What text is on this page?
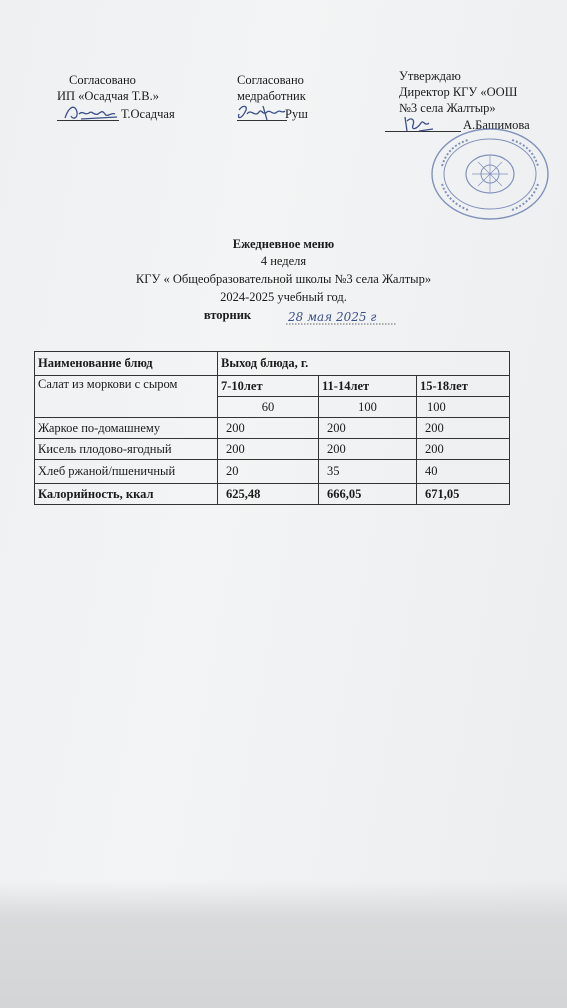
Согласовано
ИП «Осадчая Т.В.»
Т.Осадчая
Согласовано
медработник
Руш
Утверждаю
Директор КГУ «ООШ
№3 села Жалтыр»
А.Башимова
Ежедневное меню
4 неделя
КГУ « Общеобразовательной школы №3 села Жалтыр»
2024-2025 учебный год.
вторник	28 мая 2025 г
Наименование блюд	Выход блюда, г.		
Салат из моркови с сыром	7-10лет	11-14лет	15-18лет
	60	100	100
Жаркое по-домашнему	200	200	200
Кисель плодово-ягодный	200	200	200
Хлеб ржаной/пшеничный	20	35	40
Калорийность, ккал	625,48	666,05	671,05
